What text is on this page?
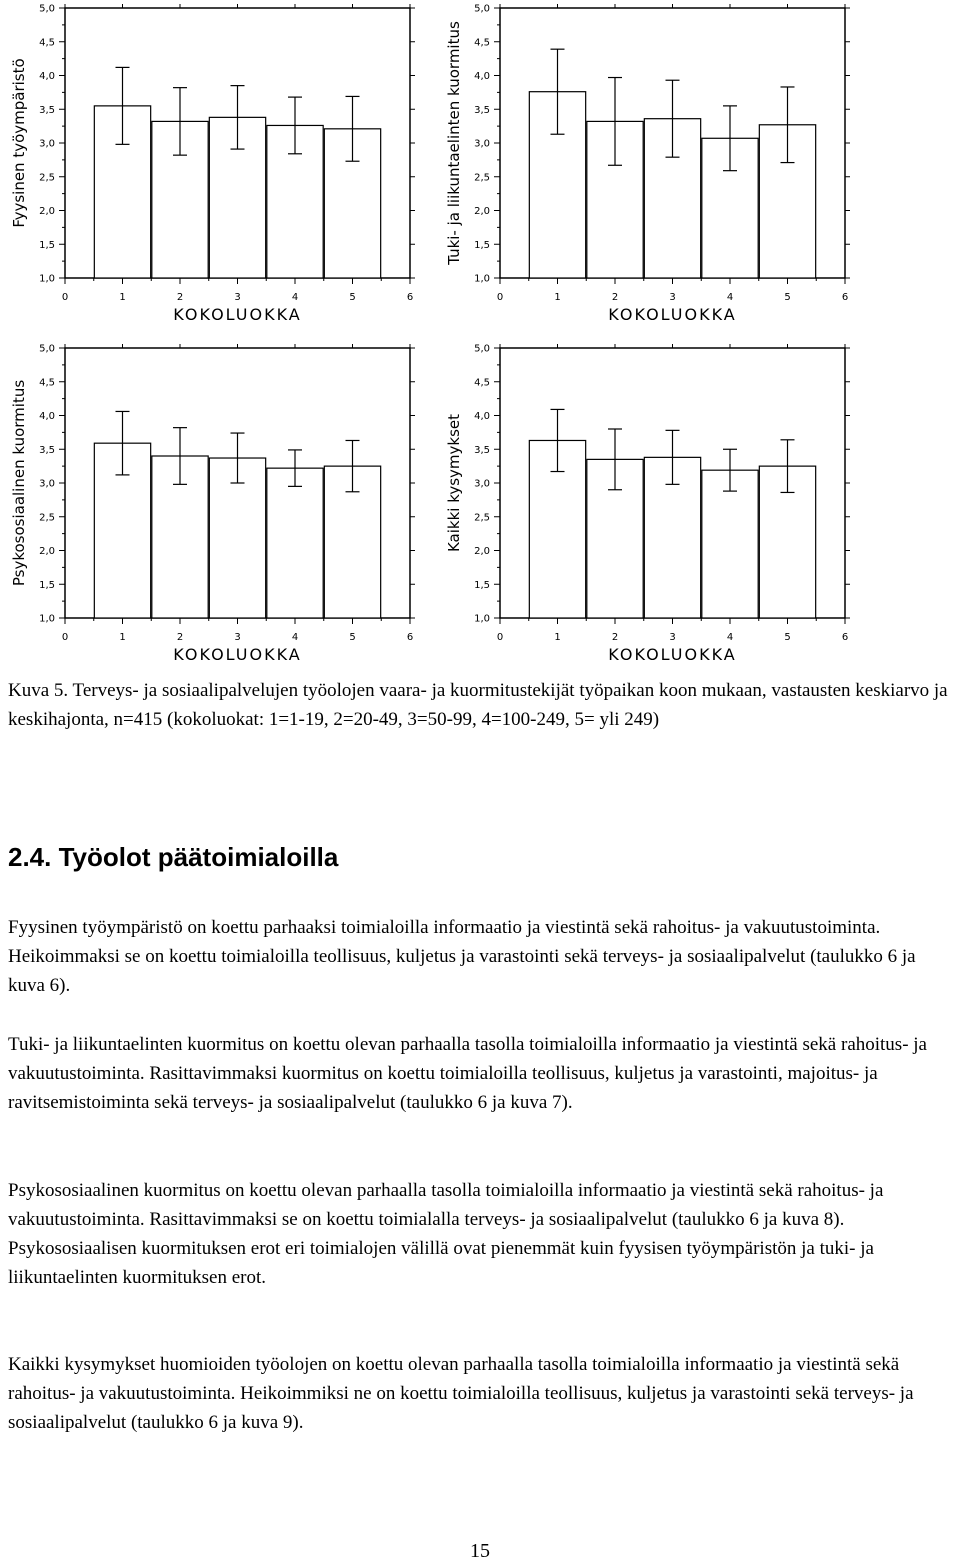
1,0
1,5
2,0
2,5
3,0
3,5
4,0
4,5
5,0
0	1	2	3	4	5	6
KOKOLUOKKA
Fyysinen työympäristö
1,0
1,5
2,0
2,5
3,0
3,5
4,0
4,5
5,0
0	1	2	3	4	5	6
KOKOLUOKKA
Tuki- ja liikuntaelinten kuormitus
1,0
1,5
2,0
2,5
3,0
3,5
4,0
4,5
5,0
0	1	2	3	4	5	6
KOKOLUOKKA
Psykososiaalinen kuormitus
1,0
1,5
2,0
2,5
3,0
3,5
4,0
4,5
5,0
0	1	2	3	4	5	6
KOKOLUOKKA
Kaikki kysymykset
Kuva 5. Terveys- ja sosiaalipalvelujen työolojen vaara- ja kuormitustekijät työpaikan koon mukaan, vastausten keskiarvo ja keskihajonta, n=415 (kokoluokat: 1=1-19, 2=20-49, 3=50-99, 4=100-249, 5= yli 249)
2.4. Työolot päätoimialoilla
Fyysinen työympäristö on koettu parhaaksi toimialoilla informaatio ja viestintä sekä rahoitus- ja vakuutustoiminta. Heikoimmaksi se on koettu toimialoilla teollisuus, kuljetus ja varastointi sekä terveys- ja sosiaalipalvelut (taulukko 6 ja kuva 6).
Tuki- ja liikuntaelinten kuormitus on koettu olevan parhaalla tasolla toimialoilla informaatio ja viestintä sekä rahoitus- ja vakuutustoiminta. Rasittavimmaksi kuormitus on koettu toimialoilla teollisuus, kuljetus ja varastointi, majoitus- ja ravitsemistoiminta sekä terveys- ja sosiaalipalvelut (taulukko 6 ja kuva 7).
Psykososiaalinen kuormitus on koettu olevan parhaalla tasolla toimialoilla informaatio ja viestintä sekä rahoitus- ja vakuutustoiminta. Rasittavimmaksi se on koettu toimialalla terveys- ja sosiaalipalvelut (taulukko 6 ja kuva 8). Psykososiaalisen kuormituksen erot eri toimialojen välillä ovat pienemmät kuin fyysisen työympäristön ja tuki- ja liikuntaelinten kuormituksen erot.
Kaikki kysymykset huomioiden työolojen on koettu olevan parhaalla tasolla toimialoilla informaatio ja viestintä sekä rahoitus- ja vakuutustoiminta. Heikoimmiksi ne on koettu toimialoilla teollisuus, kuljetus ja varastointi sekä terveys- ja sosiaalipalvelut (taulukko 6 ja kuva 9).
15
